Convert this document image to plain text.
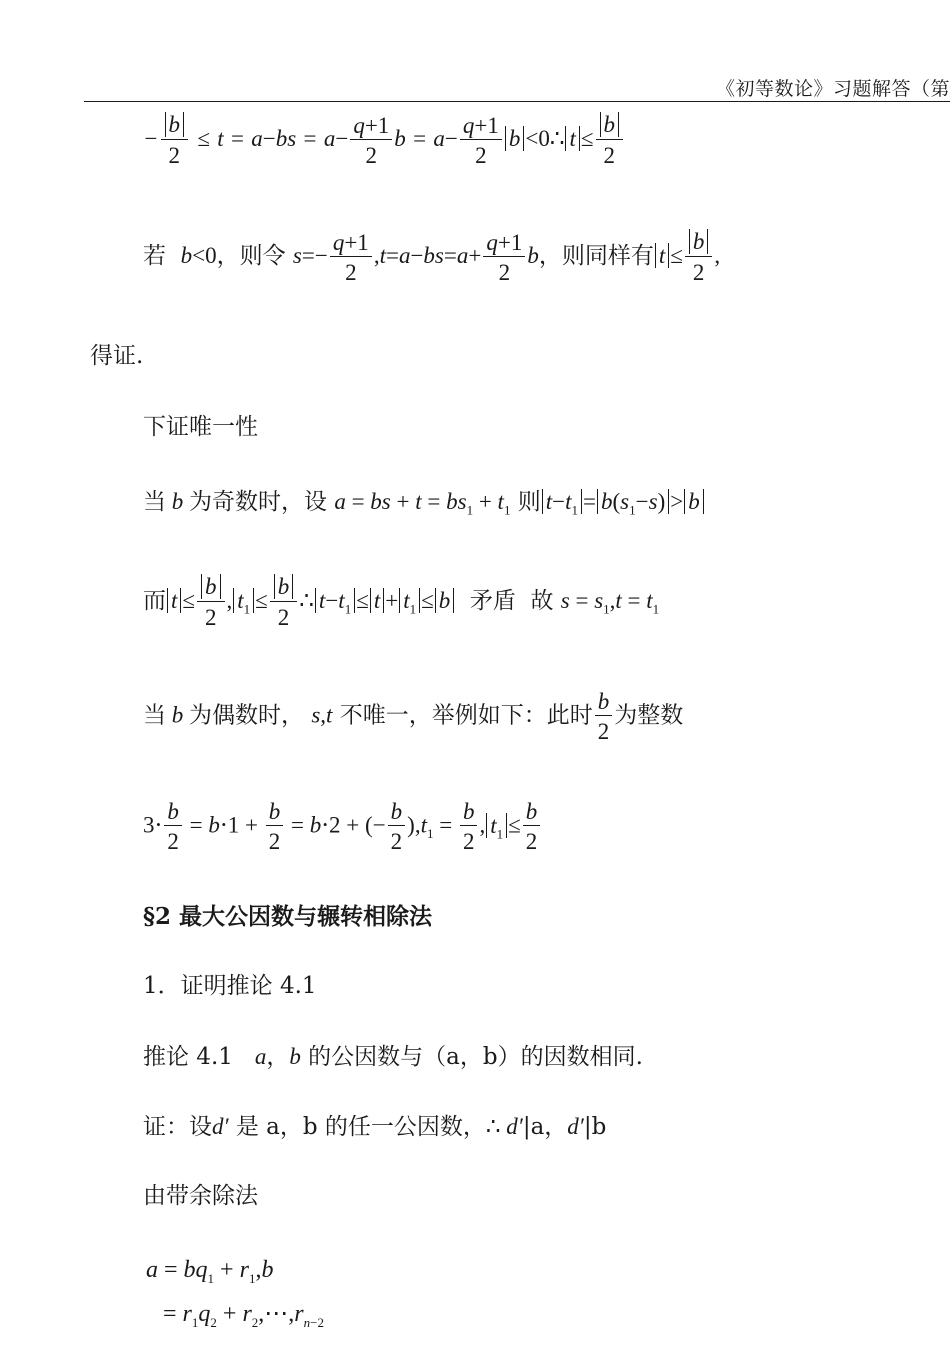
《初等数论》习题解答（第
− $\frac{b}{2} \le t = a-bs = a- \frac{q+1}{2}$ $b = a- \frac{q+1}{2}$ b <0∴ $t \le \frac{b}{2}$
若 b<0，则令 $s=- \frac{q+1}{2} ,t=a-bs=a+ \frac{q+1}{2}$ b，则同样有 $t \le \frac{b}{2}$ ,
得证.
下证唯一性
当 b 为奇数时，设 a = bs + $t = bs_1 + t_1$ 则 $t-t_1 = b(s_1-s) > b$
而 $t \le \frac{b}{2}$ , $t_1 \le \frac{b}{2}$ ∴ $t-t_1 \le t + t_1 \le b$ 矛盾 故 $s = s_1,t = t_1$
当 b 为偶数时， s,t 不唯一，举例如下：此时 $\frac{b}{2}$ 为整数
$3\cdot \frac{b}{2} = b\cdot 1 + \frac{b}{2} = b\cdot 2$ + (− $\frac{b}{2} ),t_1 = \frac{b}{2}$ , $t_1 \le \frac{b}{2}$
§2 最大公因数与辗转相除法
1．证明推论 4.1
推论 4.1 a，b 的公因数与（a，b）的因数相同.
证：设d′ 是 a，b 的任一公因数，∴ d′|a，d′|b
由带余除法
$a = bq_1 + r_1,b$
= $r_1q_2$ + $r_2,\cdots,r_{n-2}$
